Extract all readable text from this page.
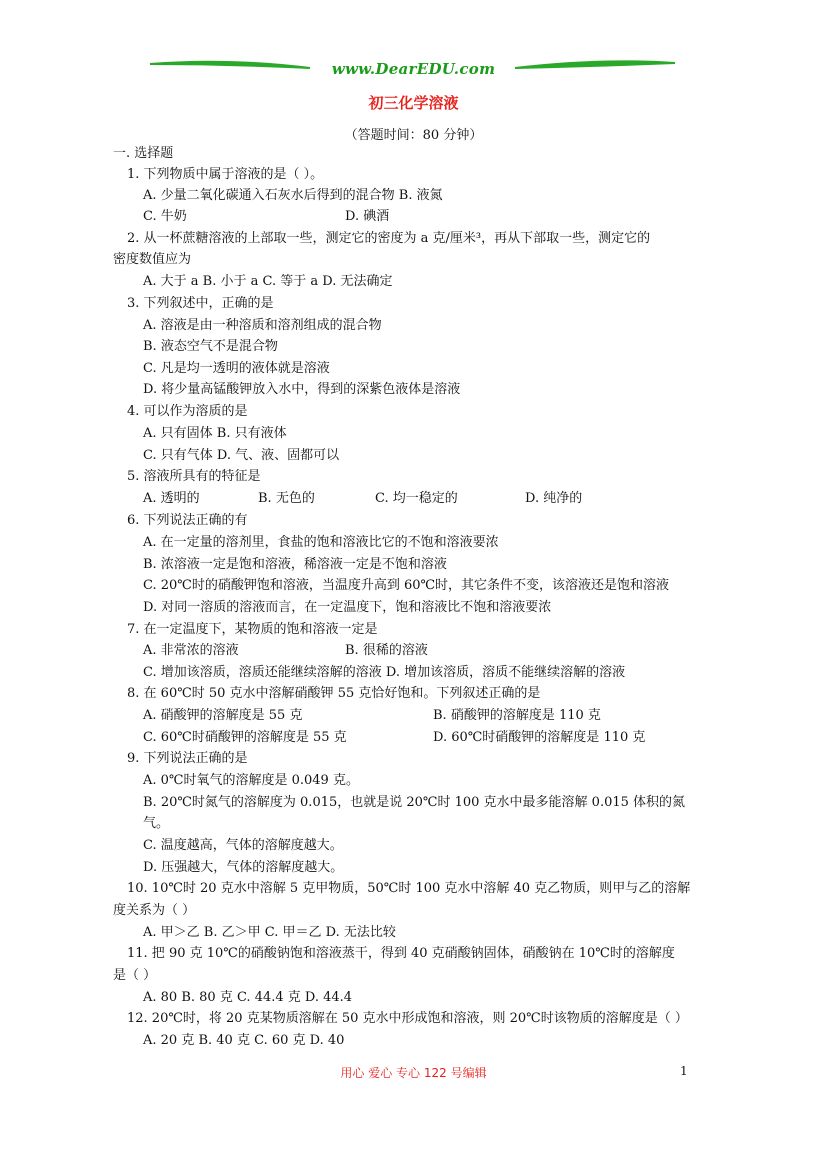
www.DearEDU.com
初三化学溶液
（答题时间：80 分钟）
一. 选择题
1. 下列物质中属于溶液的是（ ）。
A. 少量二氧化碳通入石灰水后得到的混合物 B. 液氮
C. 牛奶	D. 碘酒
2. 从一杯蔗糖溶液的上部取一些，测定它的密度为 a 克/厘米³，再从下部取一些，测定它的
密度数值应为
A. 大于 a B. 小于 a C. 等于 a D. 无法确定
3. 下列叙述中，正确的是
A. 溶液是由一种溶质和溶剂组成的混合物
B. 液态空气不是混合物
C. 凡是均一透明的液体就是溶液
D. 将少量高锰酸钾放入水中，得到的深紫色液体是溶液
4. 可以作为溶质的是
A. 只有固体 B. 只有液体
C. 只有气体 D. 气、液、固都可以
5. 溶液所具有的特征是
A. 透明的	B. 无色的	C. 均一稳定的	D. 纯净的
6. 下列说法正确的有
A. 在一定量的溶剂里，食盐的饱和溶液比它的不饱和溶液要浓
B. 浓溶液一定是饱和溶液，稀溶液一定是不饱和溶液
C. 20℃时的硝酸钾饱和溶液，当温度升高到 60℃时，其它条件不变，该溶液还是饱和溶液
D. 对同一溶质的溶液而言，在一定温度下，饱和溶液比不饱和溶液要浓
7. 在一定温度下，某物质的饱和溶液一定是
A. 非常浓的溶液	B. 很稀的溶液
C. 增加该溶质，溶质还能继续溶解的溶液 D. 增加该溶质，溶质不能继续溶解的溶液
8. 在 60℃时 50 克水中溶解硝酸钾 55 克恰好饱和。下列叙述正确的是
A. 硝酸钾的溶解度是 55 克	B. 硝酸钾的溶解度是 110 克
C. 60℃时硝酸钾的溶解度是 55 克	D. 60℃时硝酸钾的溶解度是 110 克
9. 下列说法正确的是
A. 0℃时氧气的溶解度是 0.049 克。
B. 20℃时氮气的溶解度为 0.015，也就是说 20℃时 100 克水中最多能溶解 0.015 体积的氮
气。
C. 温度越高，气体的溶解度越大。
D. 压强越大，气体的溶解度越大。
10. 10℃时 20 克水中溶解 5 克甲物质，50℃时 100 克水中溶解 40 克乙物质，则甲与乙的溶解
度关系为（ ）
A. 甲＞乙 B. 乙＞甲 C. 甲＝乙 D. 无法比较
11. 把 90 克 10℃的硝酸钠饱和溶液蒸干，得到 40 克硝酸钠固体，硝酸钠在 10℃时的溶解度
是（ ）
A. 80 B. 80 克 C. 44.4 克 D. 44.4
12. 20℃时，将 20 克某物质溶解在 50 克水中形成饱和溶液，则 20℃时该物质的溶解度是（ ）
A. 20 克 B. 40 克 C. 60 克 D. 40
用心 爱心 专心 122 号编辑	1
